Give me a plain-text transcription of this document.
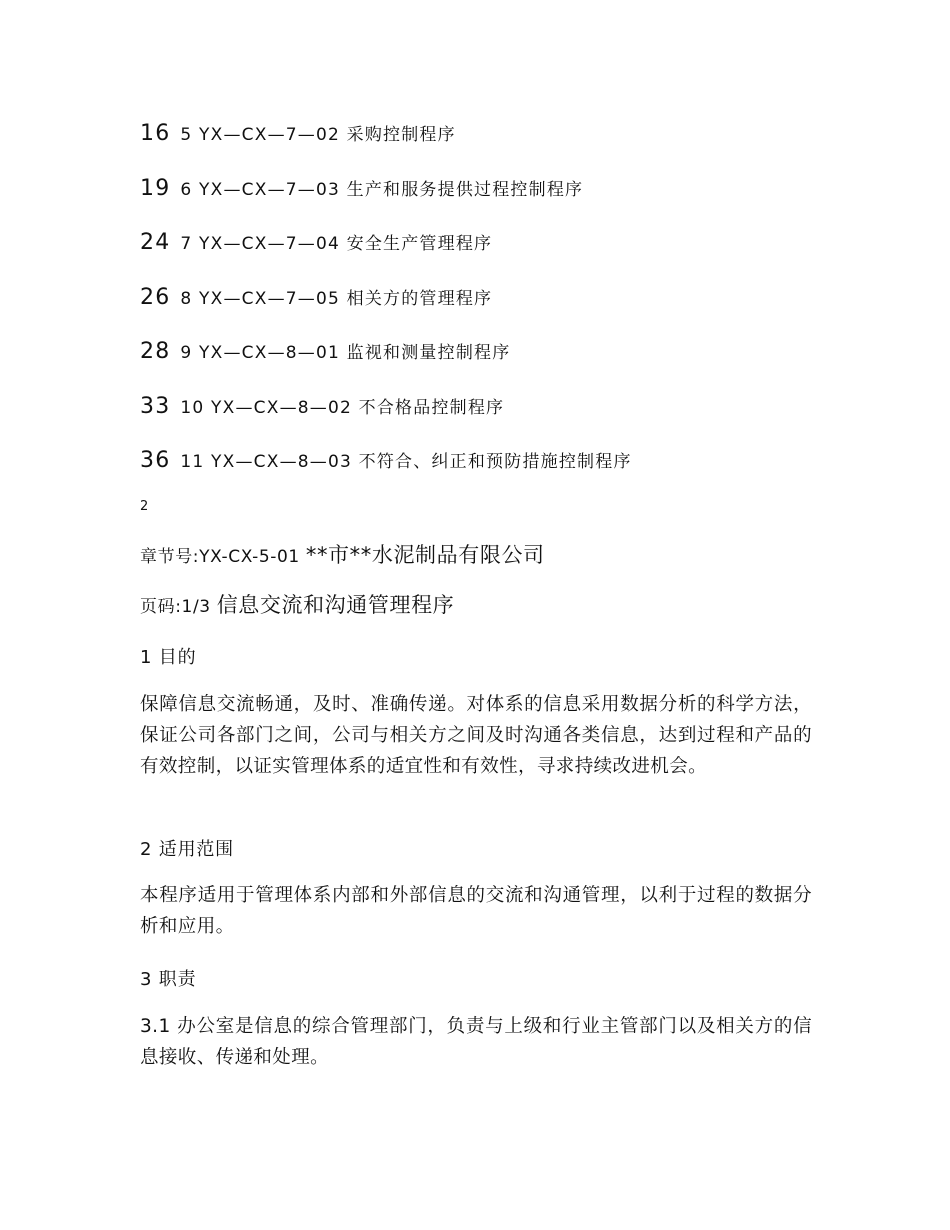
16 5 YX—CX—7—02 采购控制程序
19 6 YX—CX—7—03 生产和服务提供过程控制程序
24 7 YX—CX—7—04 安全生产管理程序
26 8 YX—CX—7—05 相关方的管理程序
28 9 YX—CX—8—01 监视和测量控制程序
33 10 YX—CX—8—02 不合格品控制程序
36 11 YX—CX—8—03 不符合、纠正和预防措施控制程序
2
章节号:YX-CX-5-01 **市**水泥制品有限公司
页码:1/3 信息交流和沟通管理程序
1 目的
保障信息交流畅通，及时、准确传递。对体系的信息采用数据分析的科学方法，保证公司各部门之间，公司与相关方之间及时沟通各类信息，达到过程和产品的有效控制，以证实管理体系的适宜性和有效性，寻求持续改进机会。
2 适用范围
本程序适用于管理体系内部和外部信息的交流和沟通管理，以利于过程的数据分析和应用。
3 职责
3.1 办公室是信息的综合管理部门，负责与上级和行业主管部门以及相关方的信息接收、传递和处理。
